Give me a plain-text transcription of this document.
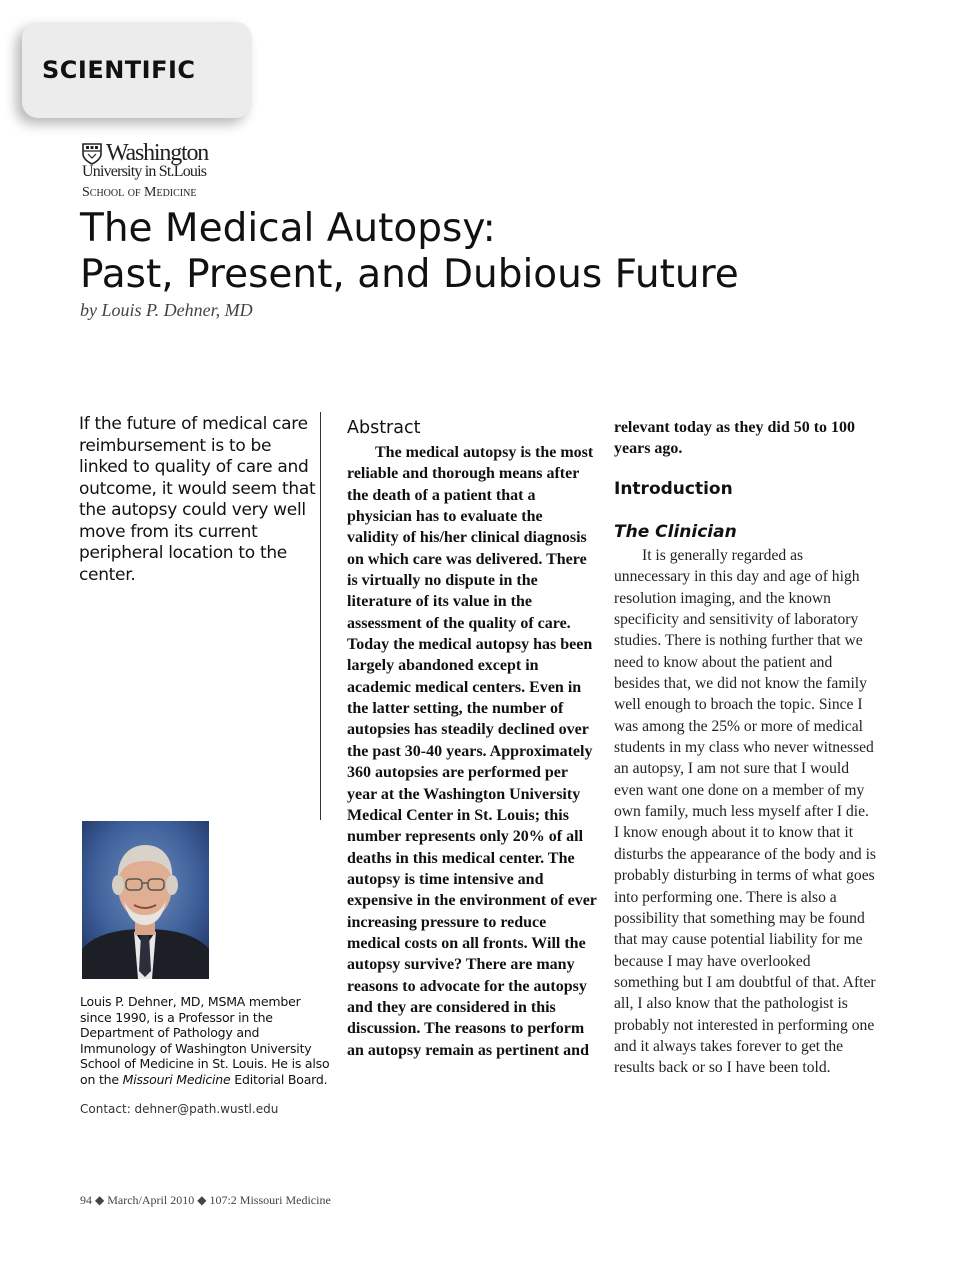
SCIENTIFIC
Washington
University in St.Louis
School of Medicine
The Medical Autopsy:
Past, Present, and Dubious Future
by Louis P. Dehner, MD
If the future of medical care reimbursement is to be linked to quality of care and outcome, it would seem that the autopsy could very well move from its current peripheral location to the center.
Louis P. Dehner, MD, MSMA member since 1990, is a Professor in the Department of Pathology and Immunology of Washington University School of Medicine in St. Louis. He is also on the Missouri Medicine Editorial Board.
Contact: dehner@path.wustl.edu
Abstract

The medical autopsy is the most reliable and thorough means after the death of a patient that a physician has to evaluate the validity of his/her clinical diagnosis on which care was delivered. There is virtually no dispute in the literature of its value in the assessment of the quality of care. Today the medical autopsy has been largely abandoned except in academic medical centers. Even in the latter setting, the number of autopsies has steadily declined over the past 30-40 years. Approximately 360 autopsies are performed per year at the Washington University Medical Center in St. Louis; this number represents only 20% of all deaths in this medical center. The autopsy is time intensive and expensive in the environment of ever increasing pressure to reduce medical costs on all fronts. Will the autopsy survive? There are many reasons to advocate for the autopsy and they are considered in this discussion. The reasons to perform an autopsy remain as pertinent and

relevant today as they did 50 to 100 years ago.

Introduction
The Clinician

It is generally regarded as unnecessary in this day and age of high resolution imaging, and the known specificity and sensitivity of laboratory studies. There is nothing further that we need to know about the patient and besides that, we did not know the family well enough to broach the topic. Since I was among the 25% or more of medical students in my class who never witnessed an autopsy, I am not sure that I would even want one done on a member of my own family, much less myself after I die. I know enough about it to know that it disturbs the appearance of the body and is probably disturbing in terms of what goes into performing one. There is also a possibility that something may be found that may cause potential liability for me because I may have overlooked something but I am doubtful of that. After all, I also know that the pathologist is probably not interested in performing one and it always takes forever to get the results back or so I have been told.

94 ◆ March/April 2010 ◆ 107:2 Missouri Medicine
